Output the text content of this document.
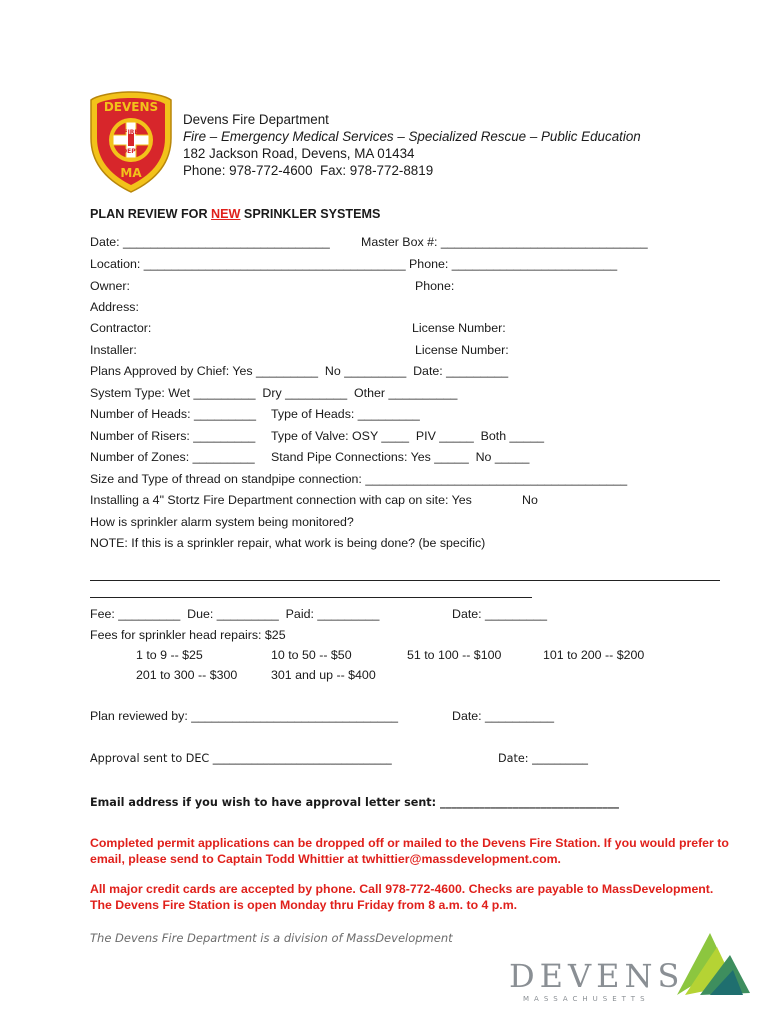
DEVENS
FIRE
DEPT
MA
Devens Fire Department
Fire – Emergency Medical Services – Specialized Rescue – Public Education
182 Jackson Road, Devens, MA 01434
Phone: 978-772-4600  Fax: 978-772-8819
PLAN REVIEW FOR NEW SPRINKLER SYSTEMS
Date: ______________________________	Master Box #: ______________________________
Location: ______________________________________ Phone: ________________________
Owner:	Phone:
Address:
Contractor:	License Number:
Installer:	License Number:
Plans Approved by Chief: Yes _________  No _________  Date: _________
System Type: Wet _________  Dry _________  Other __________
Number of Heads: _________ Type of Heads: _________
Number of Risers: _________ Type of Valve: OSY ____  PIV _____  Both _____
Number of Zones: _________ Stand Pipe Connections: Yes _____  No _____
Size and Type of thread on standpipe connection: ______________________________________
Installing a 4" Stortz Fire Department connection with cap on site: Yes	No
How is sprinkler alarm system being monitored?
NOTE: If this is a sprinkler repair, what work is being done? (be specific)
Fee: _________  Due: _________  Paid: _________	Date: _________
Fees for sprinkler head repairs: $25
1 to 9 -- $25	10 to 50 -- $50	51 to 100 -- $100	101 to 200 -- $200
201 to 300 -- $300	301 and up -- $400
Plan reviewed by: ______________________________	Date: __________
Approval sent to DEC ________________________________	Date: __________
Email address if you wish to have approval letter sent: ________________________________
Completed permit applications can be dropped off or mailed to the Devens Fire Station. If you would prefer to email, please send to Captain Todd Whittier at twhittier@massdevelopment.com.
All major credit cards are accepted by phone. Call 978-772-4600. Checks are payable to MassDevelopment. The Devens Fire Station is open Monday thru Friday from 8 a.m. to 4 p.m.
The Devens Fire Department is a division of MassDevelopment
DEVENS
MASSACHUSETTS
